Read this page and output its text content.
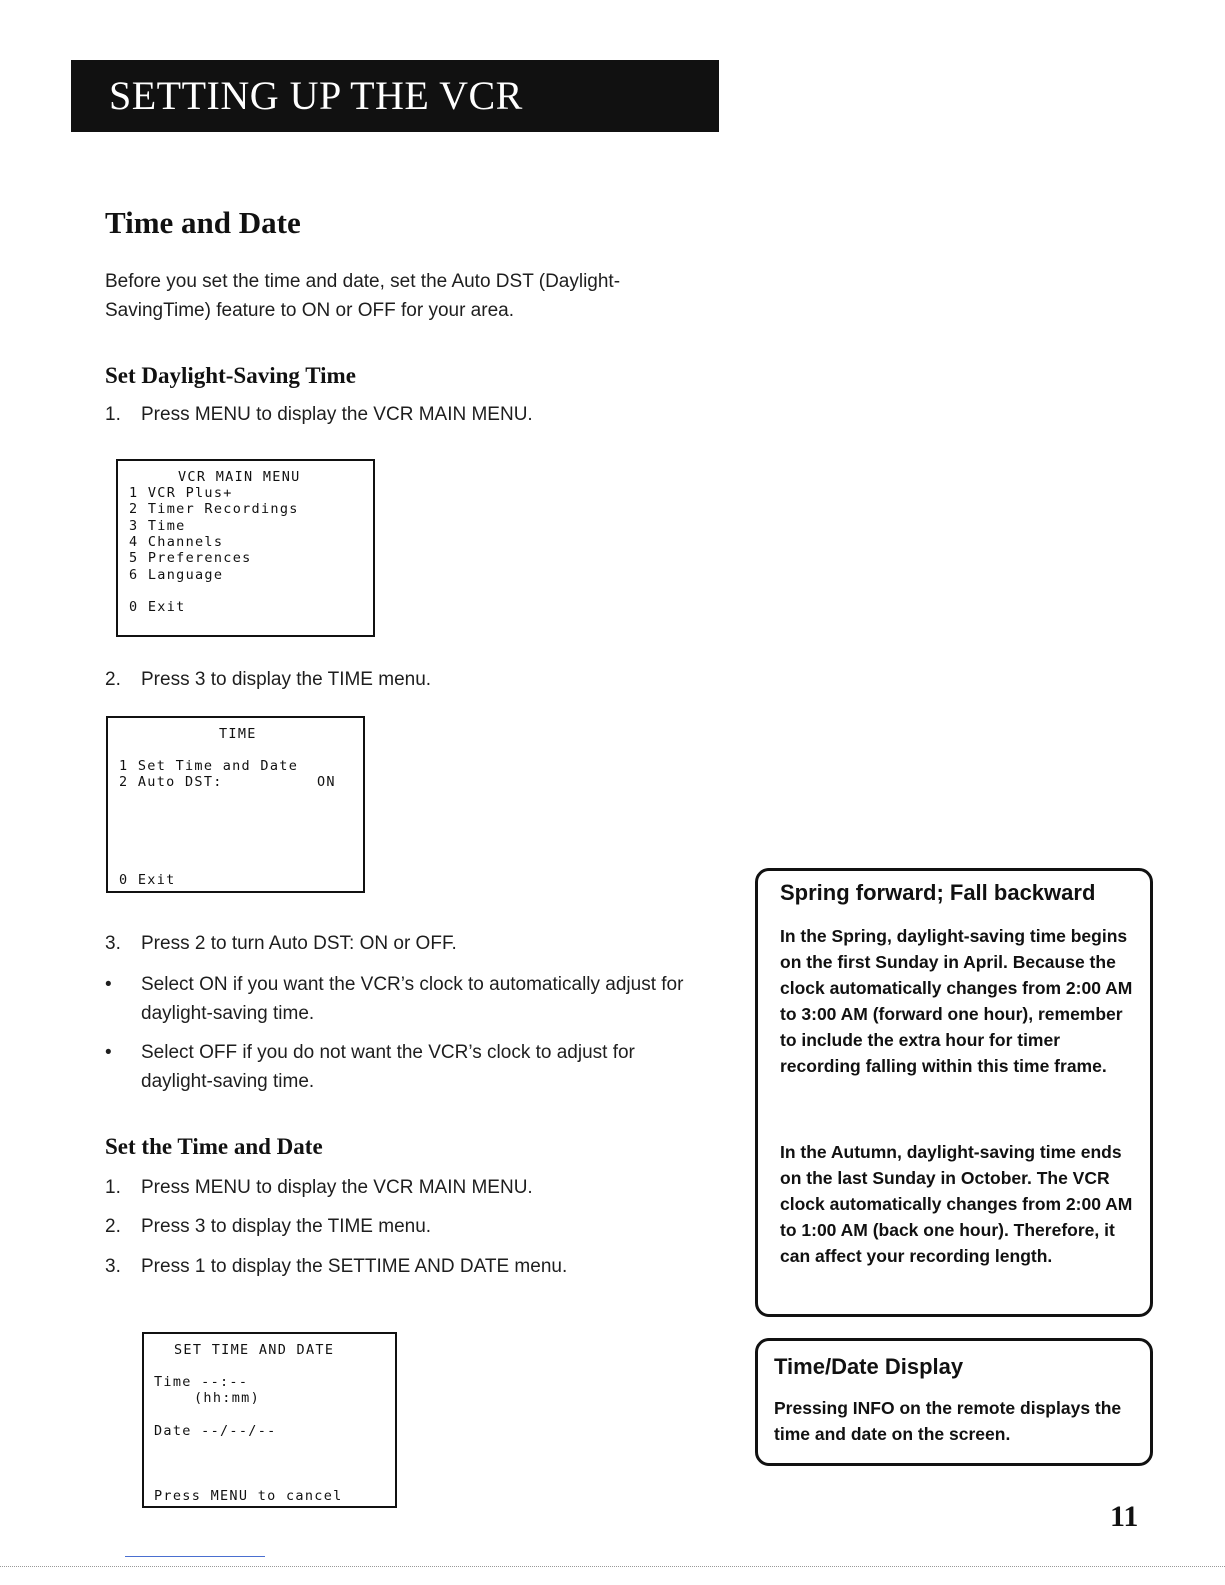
SETTING UP THE VCR
Time and Date
Before you set the time and date, set the Auto DST (Daylight-
SavingTime) feature to ON or OFF for your area.
Set Daylight-Saving Time
1. Press MENU to display the VCR MAIN MENU.
VCR MAIN MENU
1 VCR Plus+
2 Timer Recordings
3 Time
4 Channels
5 Preferences
6 Language
0 Exit
2. Press 3 to display the TIME menu.
TIME
1 Set Time and Date
2 Auto DST:	ON
0 Exit
3. Press 2 to turn Auto DST: ON or OFF.
• Select ON if you want the VCR’s clock to automatically adjust for daylight-saving time.
• Select OFF if you do not want the VCR’s clock to adjust for daylight-saving time.
Set the Time and Date
1. Press MENU to display the VCR MAIN MENU.
2. Press 3 to display the TIME menu.
3. Press 1 to display the SETTIME AND DATE menu.
SET TIME AND DATE
Time --:--
(hh:mm)
Date --/--/--
Press MENU to cancel
Spring forward; Fall backward
In the Spring, daylight-saving time begins on the first Sunday in April. Because the clock automatically changes from 2:00 AM to 3:00 AM (forward one hour), remember to include the extra hour for timer recording falling within this time frame.
In the Autumn, daylight-saving time ends on the last Sunday in October. The VCR clock automatically changes from 2:00 AM to 1:00 AM (back one hour). Therefore, it can affect your recording length.
Time/Date Display
Pressing INFO on the remote displays the time and date on the screen.
11
